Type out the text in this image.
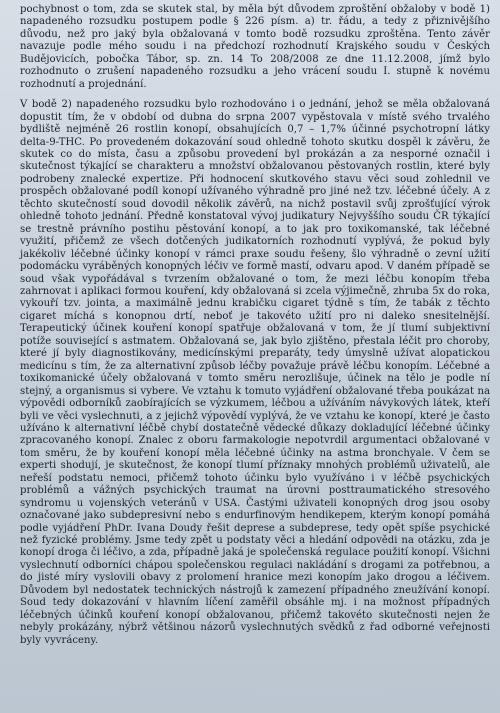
pochybnost o tom, zda se skutek stal, by měla být důvodem zproštění obžaloby v bodě 1) napadeného rozsudku postupem podle § 226 písm. a) tr. řádu, a tedy z přiznivějšího důvodu, než pro jaký byla obžalovaná v tomto bodě rozsudku zproštěna. Tento závěr navazuje podle mého soudu i na předchozí rozhodnutí Krajského soudu v Českých Budějovicích, pobočka Tábor, sp. zn. 14 To 208/2008 ze dne 11.12.2008, jímž bylo rozhodnuto o zrušení napadeného rozsudku a jeho vrácení soudu I. stupně k novému rozhodnutí a projednání.

V bodě 2) napadeného rozsudku bylo rozhodováno i o jednání, jehož se měla obžalovaná dopustit tím, že v období od dubna do srpna 2007 vypěstovala v místě svého trvalého bydliště nejméně 26 rostlin konopí, obsahujících 0,7 – 1,7% účinné psychotropní látky delta-9-THC. Po provedeném dokazování soud ohledně tohoto skutku dospěl k závěru, že skutek co do místa, času a způsobu provedení byl prokázán a za nesporné označil i skutečnost týkající se charakteru a množství obžalovanou pěstovaných rostlin, které byly podrobeny znalecké expertize. Při hodnocení skutkového stavu věci soud zohlednil ve prospěch obžalované podíl konopí užívaného výhradně pro jiné než tzv. léčebné účely. A z těchto skutečností soud dovodil několik závěrů, na nichž postavil svůj zprošťující výrok ohledně tohoto jednání. Předně konstatoval vývoj judikatury Nejvyššího soudu ČR týkající se trestně právního postihu pěstování konopí, a to jak pro toxikomanské, tak léčebné využití, přičemž ze všech dotčených judikatorních rozhodnutí vyplývá, že pokud byly jakékoliv léčebné účinky konopí v rámci praxe soudu řešeny, šlo výhradně o zevní užití podomácku vyráběných konopných léčiv ve formě mastí, odvaru apod. V daném případě se soud však vypořádával s tvrzením obžalované o tom, že mezi léčbu konopím třeba zahrnovat i aplikaci formou kouření, kdy obžalovaná si zcela výjimečně, zhruba 5x do roka, vykouří tzv. jointa, a maximálně jednu krabičku cigaret týdně s tím, že tabák z těchto cigaret míchá s konopnou drtí, neboť je takovéto užití pro ni daleko snesitelnější. Terapeutický účinek kouření konopí spatřuje obžalovaná v tom, že jí tlumí subjektivní potíže související s astmatem. Obžalovaná se, jak bylo zjištěno, přestala léčit pro choroby, které jí byly diagnostikovány, medicínskými preparáty, tedy úmyslně užívat alopatickou medicínu s tím, že za alternativní způsob léčby považuje právě léčbu konopím. Léčebné a toxikomanické účely obžalovaná v tomto směru nerozlišuje, účinek na tělo je podle ní stejný, a organismus si vybere. Ve vztahu k tomuto vyjádření obžalované třeba poukázat na výpovědi odborníků zaobírajících se výzkumem, léčbou a užíváním návykových látek, kteří byli ve věci vyslechnuti, a z jejichž výpovědí vyplývá, že ve vztahu ke konopí, které je často užíváno k alternativní léčbě chybí dostatečně vědecké důkazy dokladující léčebné účinky zpracovaného konopí. Znalec z oboru farmakologie nepotvrdil argumentaci obžalované v tom směru, že by kouření konopí měla léčebné účinky na astma bronchyale. V čem se experti shodují, je skutečnost, že konopí tlumí příznaky mnohých problémů uživatelů, ale neřeší podstatu nemoci, přičemž tohoto účinku bylo využíváno i v léčbě psychických problémů a vážných psychických traumat na úrovni posttraumatického stresového syndromu u vojenských veteránů v USA. Častými uživateli konopných drog jsou osoby označované jako subdepresivní nebo s endurfinovým hendikepem, kterým konopí pomáhá podle vyjádření PhDr. Ivana Doudy řešit deprese a subdeprese, tedy opět spíše psychické než fyzické problémy. Jsme tedy zpět u podstaty věci a hledání odpovědi na otázku, zda je konopí droga či léčivo, a zda, případně jaká je společenská regulace použití konopí. Všichni vyslechnutí odborníci chápou společenskou regulaci nakládání s drogami za potřebnou, a do jisté míry vyslovili obavy z prolomení hranice mezi konopím jako drogou a léčivem. Důvodem byl nedostatek technických nástrojů k zamezení případného zneužívání konopí. Soud tedy dokazování v hlavním líčení zaměřil obsáhle mj. i na možnost případných léčebných účinků kouření konopí obžalovanou, přičemž takovéto skutečnosti nejen že nebyly prokázány, nýbrž většinou názorů vyslechnutých svědků z řad odborné veřejnosti byly vyvráceny.
